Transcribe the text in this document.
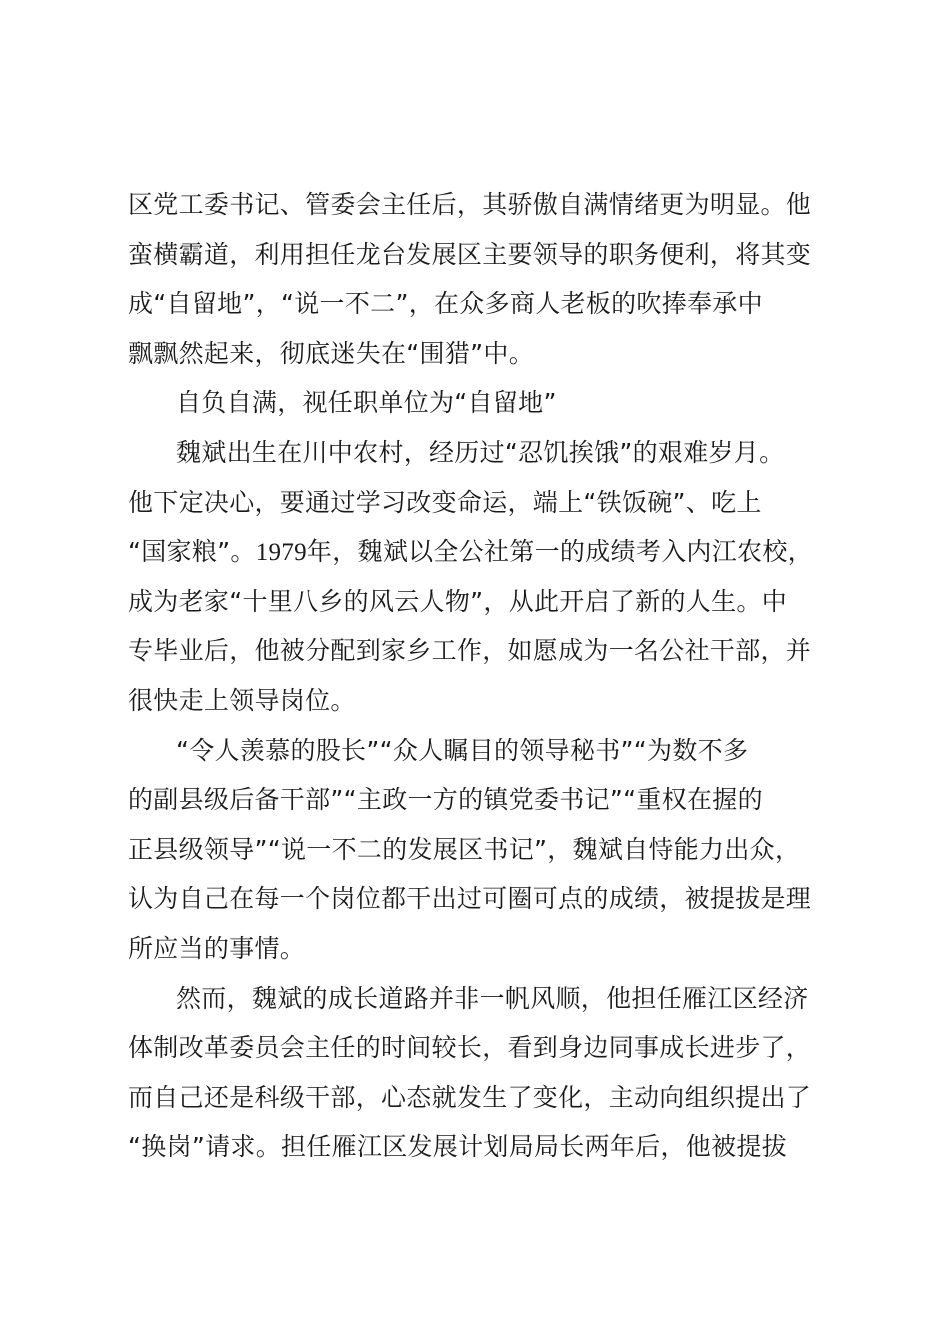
区党工委书记、管委会主任后，其骄傲自满情绪更为明显。他
蛮横霸道，利用担任龙台发展区主要领导的职务便利，将其变
成“自留地”，“说一不二”，在众多商人老板的吹捧奉承中
飘飘然起来，彻底迷失在“围猎”中。
自负自满，视任职单位为“自留地”
魏斌出生在川中农村，经历过“忍饥挨饿”的艰难岁月。
他下定决心，要通过学习改变命运，端上“铁饭碗”、吃上
“国家粮”。1979年，魏斌以全公社第一的成绩考入内江农校，
成为老家“十里八乡的风云人物”，从此开启了新的人生。中
专毕业后，他被分配到家乡工作，如愿成为一名公社干部，并
很快走上领导岗位。
“令人羡慕的股长”“众人瞩目的领导秘书”“为数不多
的副县级后备干部”“主政一方的镇党委书记”“重权在握的
正县级领导”“说一不二的发展区书记”，魏斌自恃能力出众，
认为自己在每一个岗位都干出过可圈可点的成绩，被提拔是理
所应当的事情。
然而，魏斌的成长道路并非一帆风顺，他担任雁江区经济
体制改革委员会主任的时间较长，看到身边同事成长进步了，
而自己还是科级干部，心态就发生了变化，主动向组织提出了
“换岗”请求。担任雁江区发展计划局局长两年后，他被提拔
